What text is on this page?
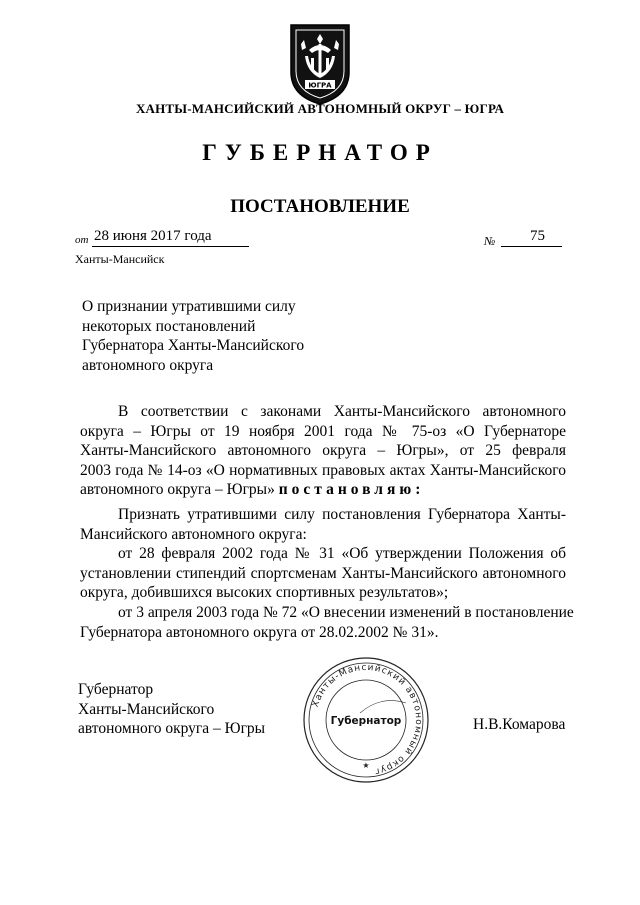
ЮГРА
ХАНТЫ-МАНСИЙСКИЙ АВТОНОМНЫЙ ОКРУГ – ЮГРА
ГУБЕРНАТОР
ПОСТАНОВЛЕНИЕ
от 28 июня 2017 года	№ 75
Ханты-Мансийск
О признании утратившими силу
некоторых постановлений
Губернатора Ханты-Мансийского
автономного округа
В соответствии с законами Ханты-Мансийского автономного
округа – Югры от 19 ноября 2001 года № 75-оз «О Губернаторе
Ханты-Мансийского автономного округа – Югры», от 25 февраля
2003 года № 14-оз «О нормативных правовых актах Ханты-Мансийского
автономного округа – Югры» постановляю:
Признать утратившими силу постановления Губернатора Ханты-
Мансийского автономного округа:
от 28 февраля 2002 года № 31 «Об утверждении Положения об
установлении стипендий спортсменам Ханты-Мансийского автономного
округа, добившихся высоких спортивных результатов»;
от 3 апреля 2003 года № 72 «О внесении изменений в постановление
Губернатора автономного округа от 28.02.2002 № 31».
Губернатор
Ханты-Мансийского
автономного округа – Югры
Ханты-Мансийский автономный округ
Губернатор
★
Н.В.Комарова
